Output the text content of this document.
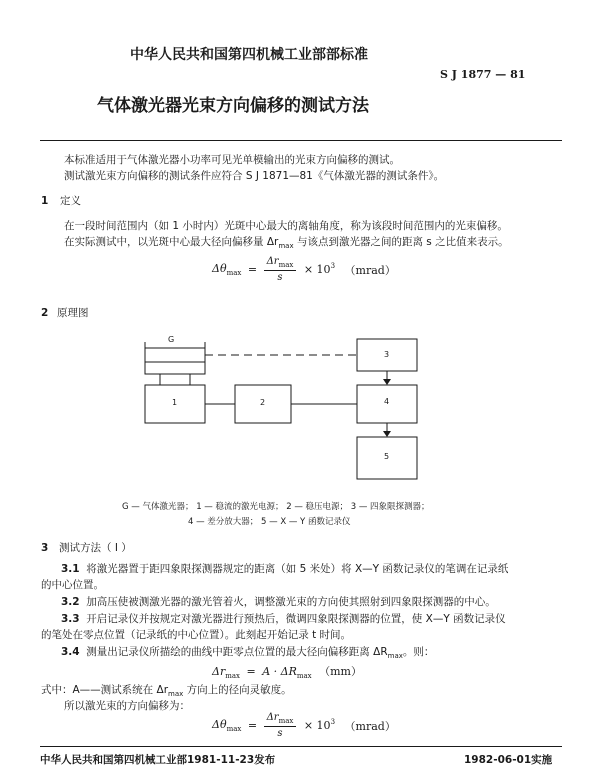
中华人民共和国第四机械工业部部标准
S J 1877 — 81
气体激光器光束方向偏移的测试方法
本标准适用于气体激光器小功率可见光单模输出的光束方向偏移的测试。
测试激光束方向偏移的测试条件应符合 S J 1871—81《气体激光器的测试条件》。
1 定义
在一段时间范围内（如 1 小时内）光斑中心最大的离轴角度，称为该段时间范围内的光束偏移。
在实际测试中，以光斑中心最大径向偏移量 $\Delta r_{max}$ 与该点到激光器之间的距离 s 之比值来表示。
$\Delta\theta_{max} = \frac{\Delta r_{max}}{s} \times 10^3$ （mrad）
2 原理图
G
1	2
3
4
5
G — 气体激光器； 1 — 稳流的激光电源； 2 — 稳压电源； 3 — 四象限探测器；
4 — 差分放大器； 5 — X — Y 函数记录仪
3 测试方法（ I ）
3.1 将激光器置于距四象限探测器规定的距离（如 5 米处）将 X—Y 函数记录仪的笔调在记录纸
的中心位置。
3.2 加高压使被测激光器的激光管着火，调整激光束的方向使其照射到四象限探测器的中心。
3.3 开启记录仪并按规定对激光器进行预热后，微调四象限探测器的位置，使 X—Y 函数记录仪
的笔处在零点位置（记录纸的中心位置）。此刻起开始记录 t 时间。
3.4 测量出记录仪所描绘的曲线中距零点位置的最大径向偏移距离 $\Delta R_{max}$。则：
$\Delta r_{max} = A \cdot \Delta R_{max}$ （mm）
式中：A——测试系统在 $\Delta r_{max}$ 方向上的径向灵敏度。
所以激光束的方向偏移为：
$\Delta\theta_{max} = \frac{\Delta r_{max}}{s} \times 10^3$ （mrad）
中华人民共和国第四机械工业部1981-11-23发布	1982-06-01实施
